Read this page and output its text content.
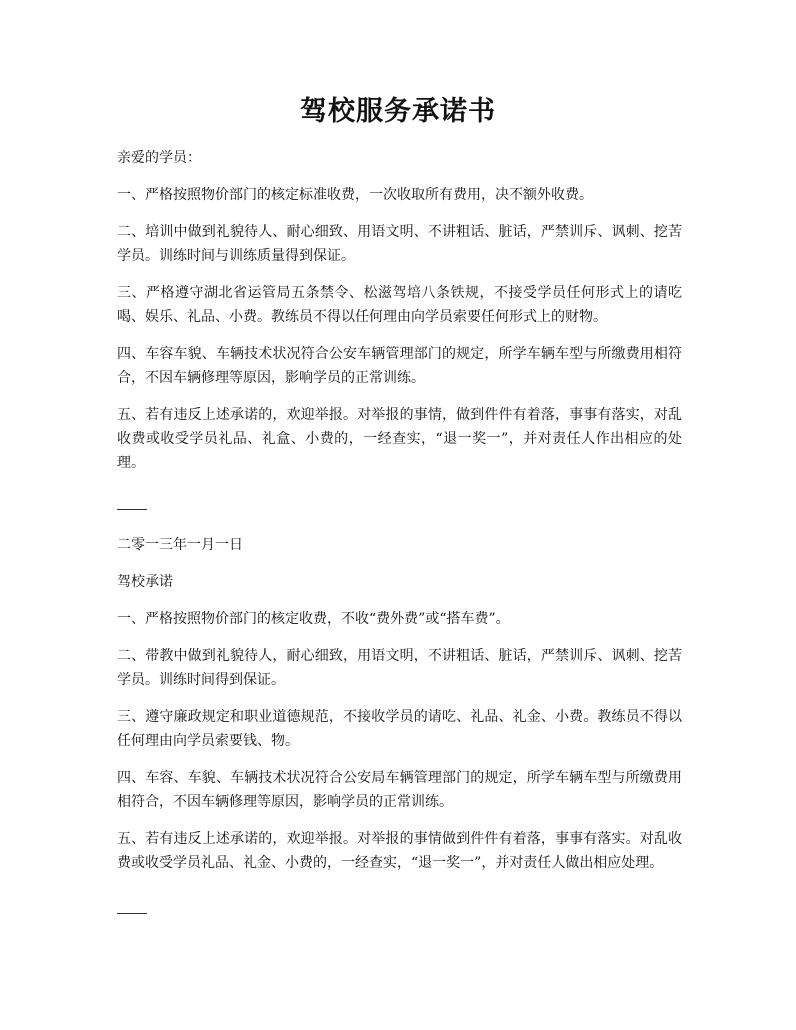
驾校服务承诺书

亲爱的学员：

一、严格按照物价部门的核定标准收费，一次收取所有费用，决不额外收费。

二、培训中做到礼貌待人、耐心细致、用语文明、不讲粗话、脏话，严禁训斥、讽刺、挖苦学员。训练时间与训练质量得到保证。

三、严格遵守湖北省运管局五条禁令、松滋驾培八条铁规，不接受学员任何形式上的请吃喝、娱乐、礼品、小费。教练员不得以任何理由向学员索要任何形式上的财物。

四、车容车貌、车辆技术状况符合公安车辆管理部门的规定，所学车辆车型与所缴费用相符合，不因车辆修理等原因，影响学员的正常训练。

五、若有违反上述承诺的，欢迎举报。对举报的事情，做到件件有着落，事事有落实，对乱收费或收受学员礼品、礼盒、小费的，一经查实，“退一奖一”，并对责任人作出相应的处理。

二零一三年一月一日

驾校承诺

一、严格按照物价部门的核定收费，不收“费外费”或“搭车费”。

二、带教中做到礼貌待人，耐心细致，用语文明，不讲粗话、脏话，严禁训斥、讽刺、挖苦学员。训练时间得到保证。

三、遵守廉政规定和职业道德规范，不接收学员的请吃、礼品、礼金、小费。教练员不得以任何理由向学员索要钱、物。

四、车容、车貌、车辆技术状况符合公安局车辆管理部门的规定，所学车辆车型与所缴费用相符合，不因车辆修理等原因，影响学员的正常训练。

五、若有违反上述承诺的，欢迎举报。对举报的事情做到件件有着落，事事有落实。对乱收费或收受学员礼品、礼金、小费的，一经查实，“退一奖一”，并对责任人做出相应处理。
